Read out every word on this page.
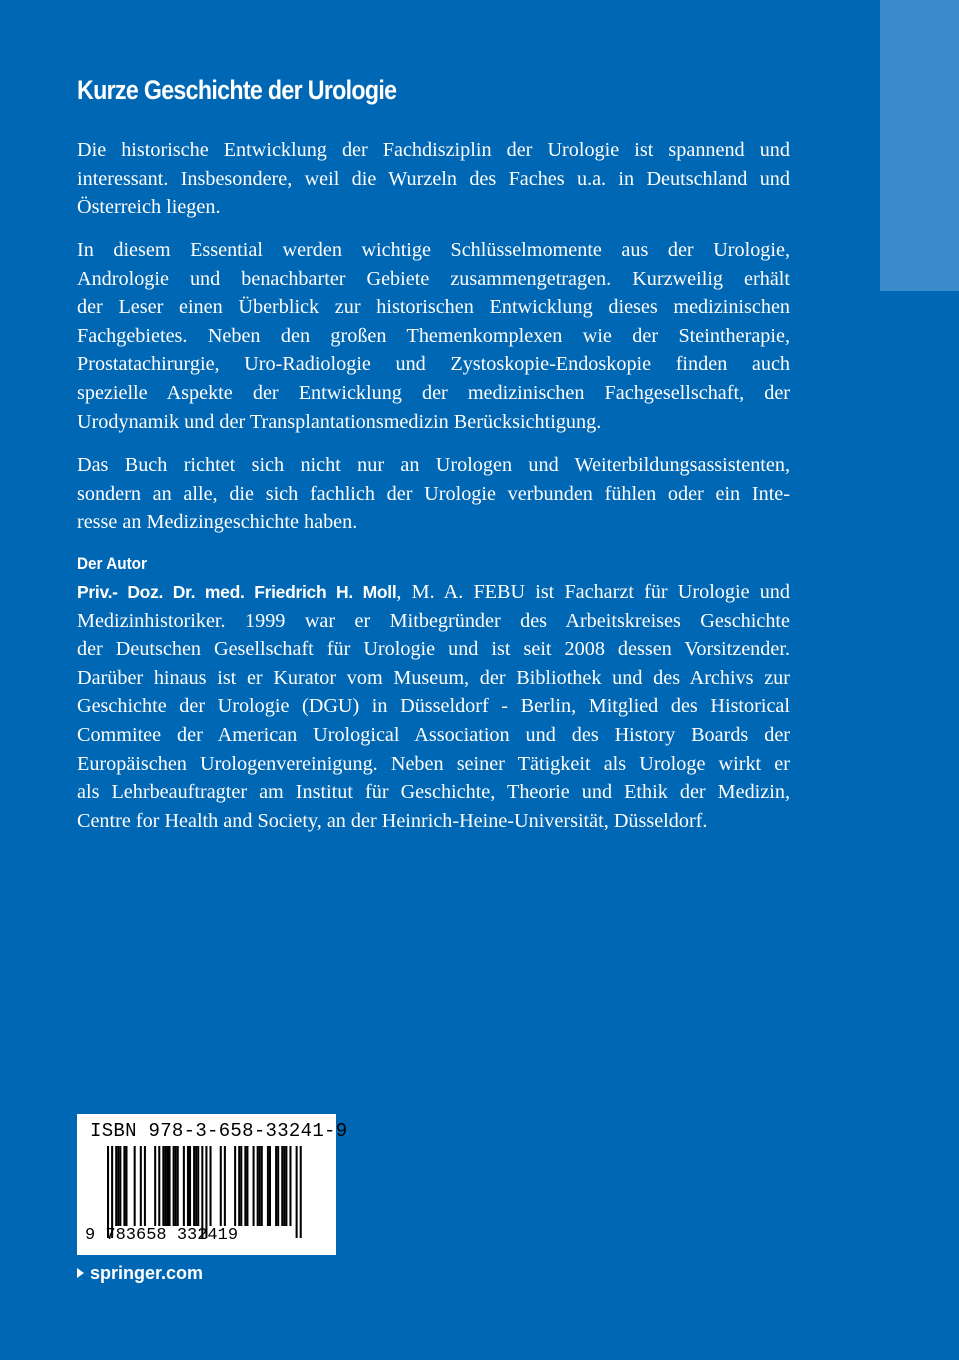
Kurze Geschichte der Urologie
Die historische Entwicklung der Fachdisziplin der Urologie ist spannend und
interessant. Insbesondere, weil die Wurzeln des Faches u.a. in Deutschland und
Österreich liegen.
In diesem Essential werden wichtige Schlüsselmomente aus der Urologie,
Andrologie und benachbarter Gebiete zusammengetragen. Kurzweilig erhält
der Leser einen Überblick zur historischen Entwicklung dieses medizinischen
Fachgebietes. Neben den großen Themenkomplexen wie der Steintherapie,
Prostatachirurgie, Uro-Radiologie und Zystoskopie-Endoskopie finden auch
spezielle Aspekte der Entwicklung der medizinischen Fachgesellschaft, der
Urodynamik und der Transplantationsmedizin Berücksichtigung.
Das Buch richtet sich nicht nur an Urologen und Weiterbildungsassistenten,
sondern an alle, die sich fachlich der Urologie verbunden fühlen oder ein Inte-
resse an Medizingeschichte haben.
Der Autor
Priv.- Doz. Dr. med. Friedrich H. Moll, M. A. FEBU ist Facharzt für Urologie und
Medizinhistoriker. 1999 war er Mitbegründer des Arbeitskreises Geschichte
der Deutschen Gesellschaft für Urologie und ist seit 2008 dessen Vorsitzender.
Darüber hinaus ist er Kurator vom Museum, der Bibliothek und des Archivs zur
Geschichte der Urologie (DGU) in Düsseldorf - Berlin, Mitglied des Historical
Commitee der American Urological Association und des History Boards der
Europäischen Urologenvereinigung. Neben seiner Tätigkeit als Urologe wirkt er
als Lehrbeauftragter am Institut für Geschichte, Theorie und Ethik der Medizin,
Centre for Health and Society, an der Heinrich-Heine-Universität, Düsseldorf.
ISBN 978-3-658-33241-9
9 783658 332419
springer.com
